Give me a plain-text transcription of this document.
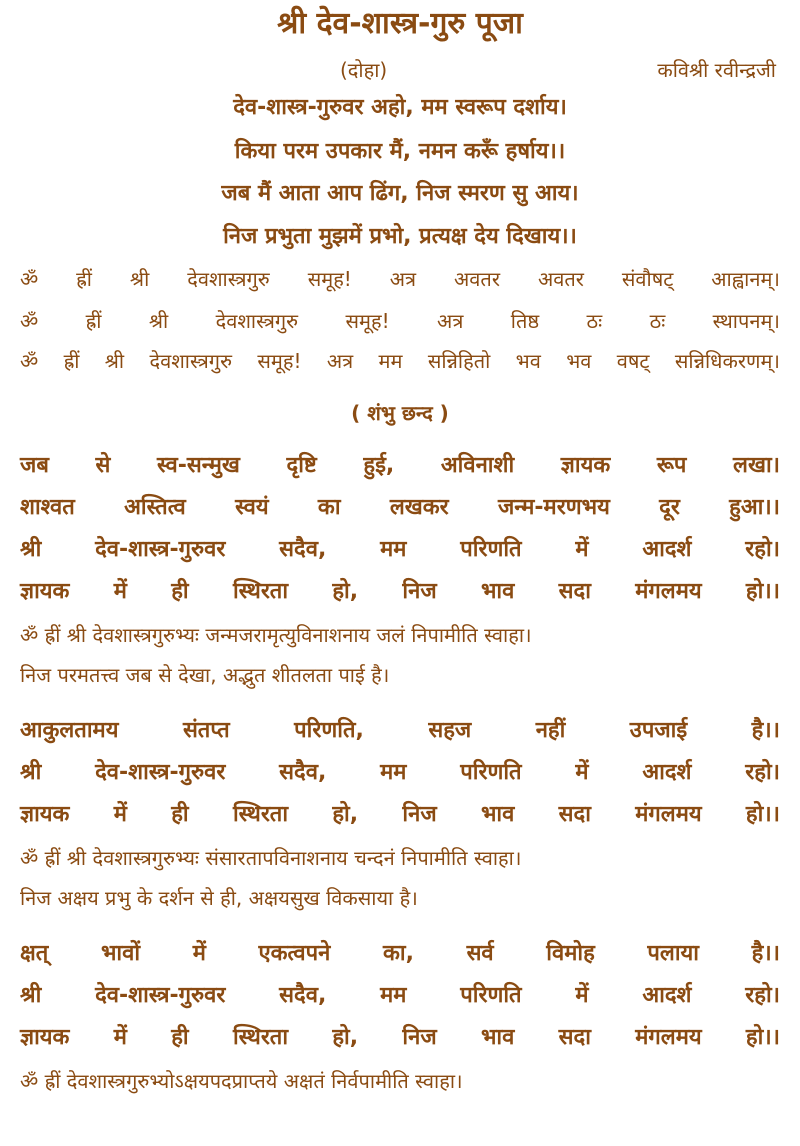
श्री देव-शास्त्र-गुरु पूजा
(दोहा)	कविश्री रवीन्द्रजी
देव-शास्त्र-गुरुवर अहो, मम स्वरूप दर्शाय।
किया परम उपकार मैं, नमन करूँ हर्षाय।।
जब मैं आता आप ढिंग, निज स्मरण सु आय।
निज प्रभुता मुझमें प्रभो, प्रत्यक्ष देय दिखाय।।
ॐ ह्रीं श्री देवशास्त्रगुरु समूह! अत्र अवतर अवतर संवौषट् आह्वानम्।
ॐ ह्रीं श्री देवशास्त्रगुरु समूह! अत्र तिष्ठ ठः ठः स्थापनम्।
ॐ ह्रीं श्री देवशास्त्रगुरु समूह! अत्र मम सन्निहितो भव भव वषट् सन्निधिकरणम्।
( शंभु छन्द )
जब से स्व-सन्मुख दृष्टि हुई, अविनाशी ज्ञायक रूप लखा।
शाश्वत अस्तित्व स्वयं का लखकर जन्म-मरणभय दूर हुआ।।
श्री देव-शास्त्र-गुरुवर सदैव, मम परिणति में आदर्श रहो।
ज्ञायक में ही स्थिरता हो, निज भाव सदा मंगलमय हो।।
ॐ ह्रीं श्री देवशास्त्रगुरुभ्यः जन्मजरामृत्युविनाशनाय जलं निपामीति स्वाहा।
निज परमतत्त्व जब से देखा, अद्भुत शीतलता पाई है।
आकुलतामय संतप्त परिणति, सहज नहीं उपजाई है।।
श्री देव-शास्त्र-गुरुवर सदैव, मम परिणति में आदर्श रहो।
ज्ञायक में ही स्थिरता हो, निज भाव सदा मंगलमय हो।।
ॐ ह्रीं श्री देवशास्त्रगुरुभ्यः संसारतापविनाशनाय चन्दनं निपामीति स्वाहा।
निज अक्षय प्रभु के दर्शन से ही, अक्षयसुख विकसाया है।
क्षत् भावों में एकत्वपने का, सर्व विमोह पलाया है।।
श्री देव-शास्त्र-गुरुवर सदैव, मम परिणति में आदर्श रहो।
ज्ञायक में ही स्थिरता हो, निज भाव सदा मंगलमय हो।।
ॐ ह्रीं देवशास्त्रगुरुभ्योऽक्षयपदप्राप्तये अक्षतं निर्वपामीति स्वाहा।
